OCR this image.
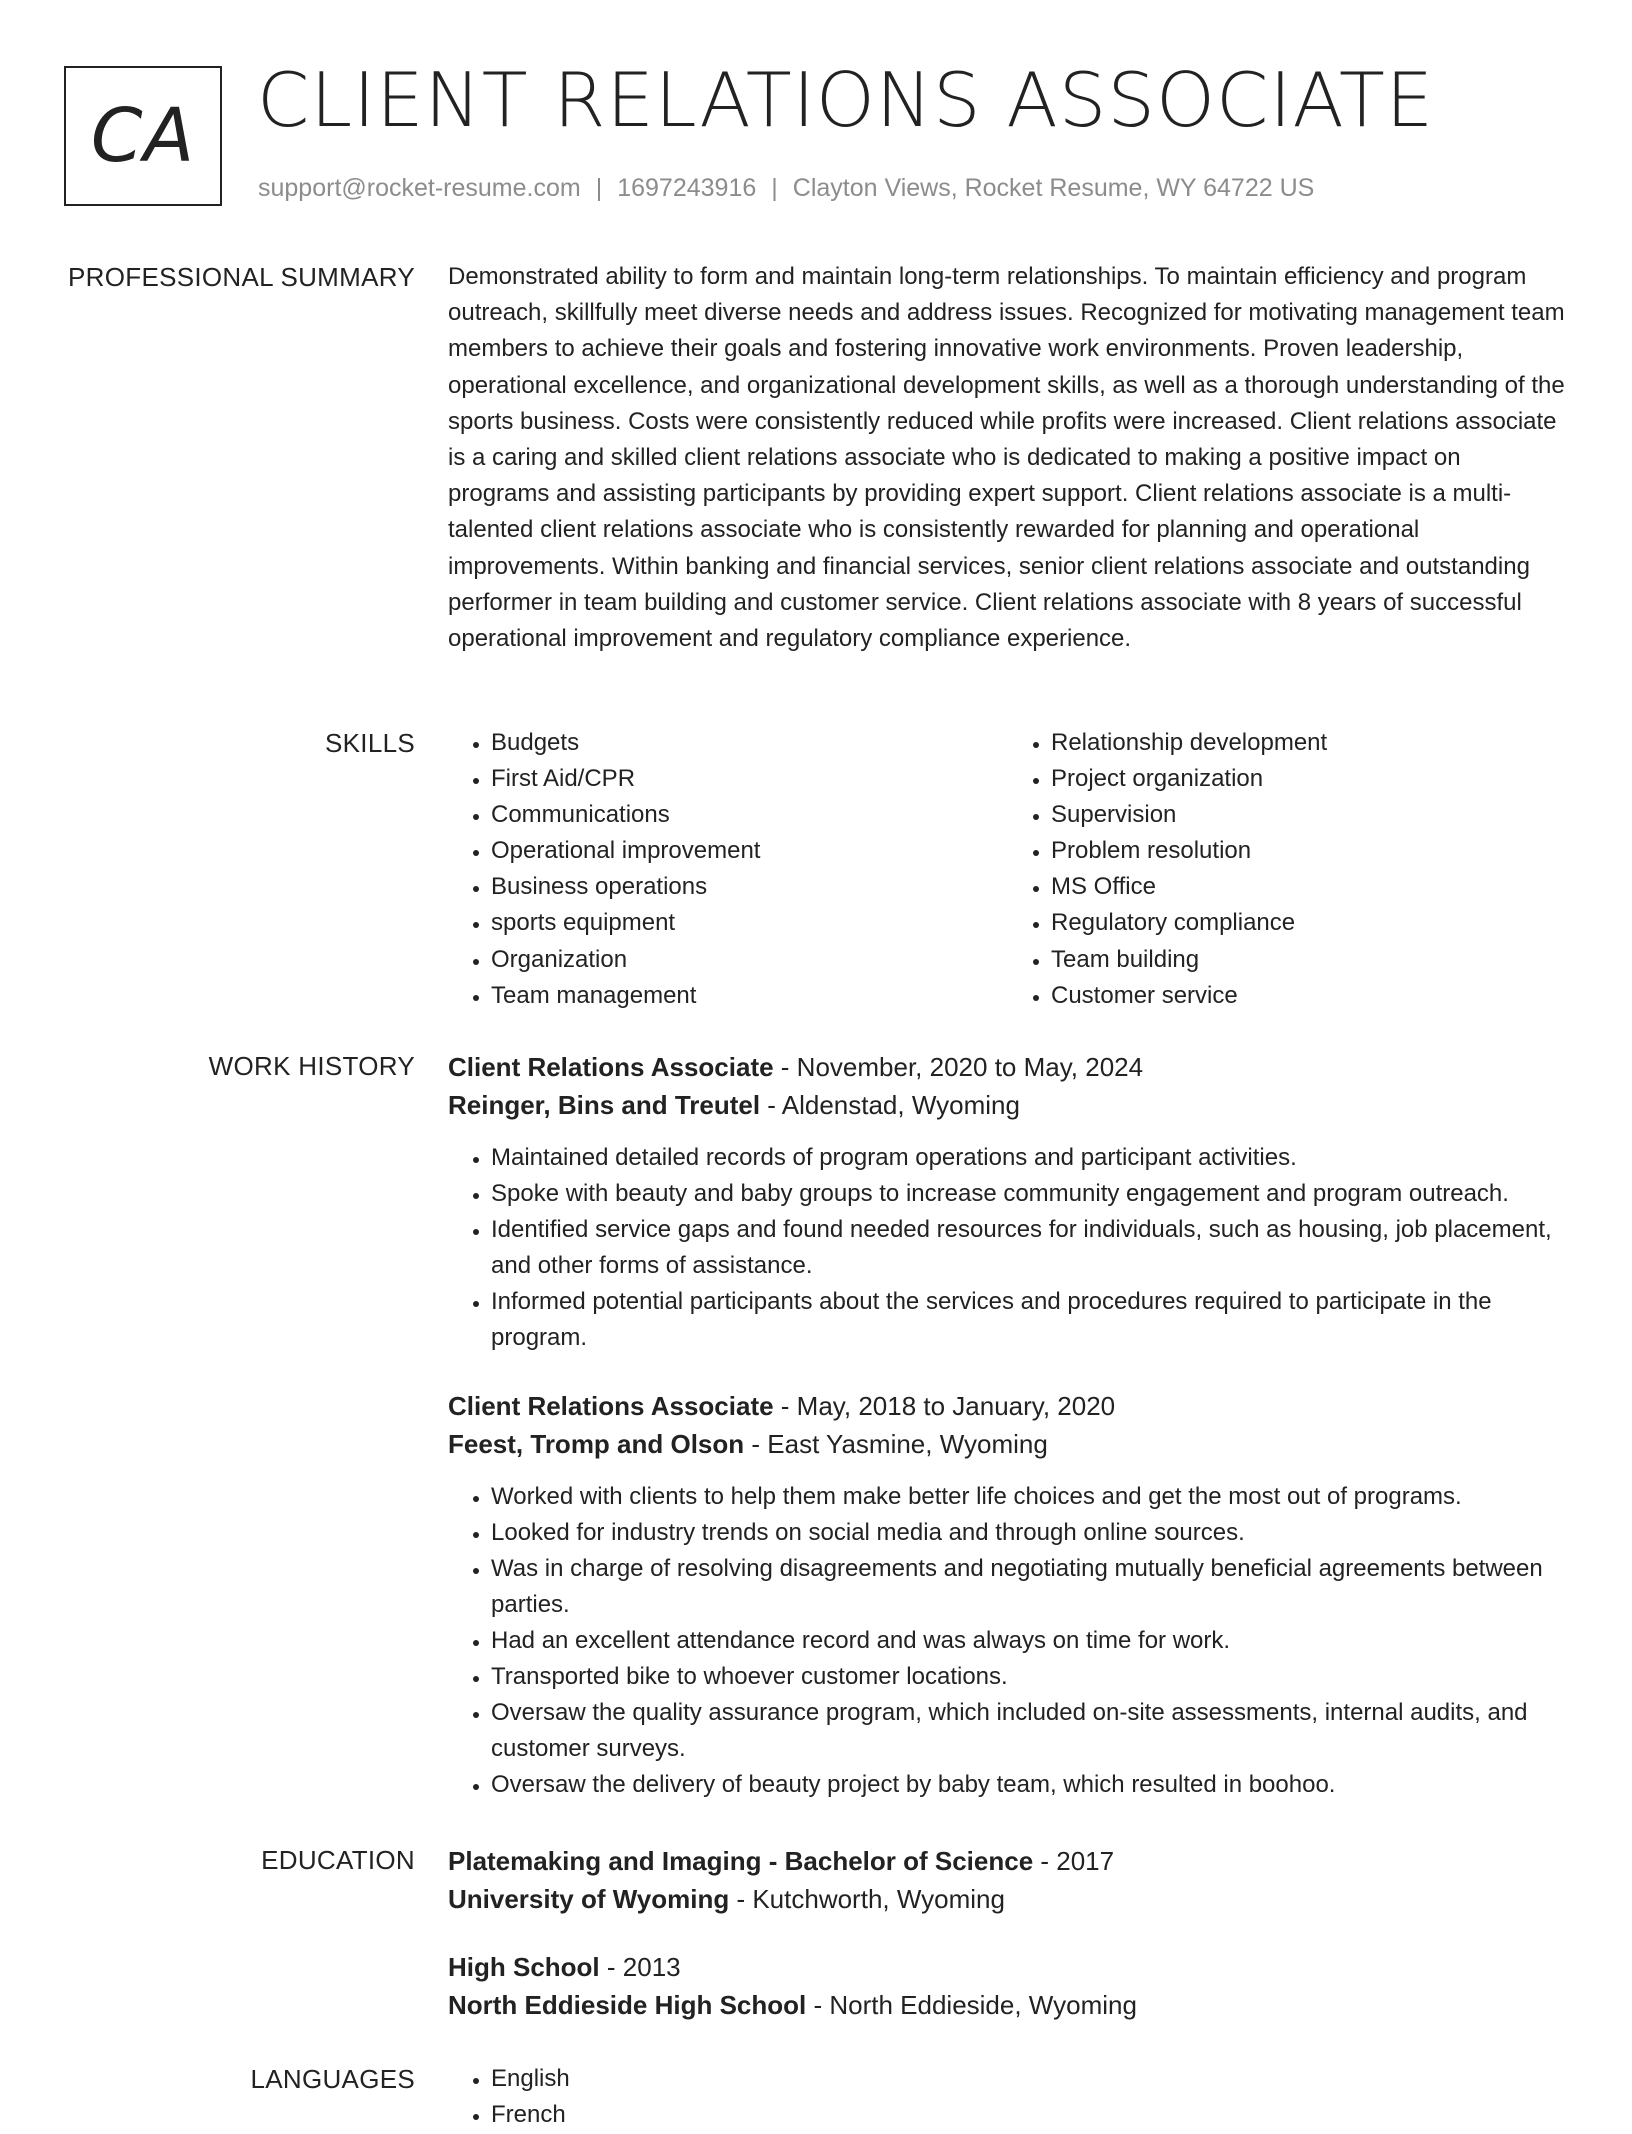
CA CLIENT RELATIONS ASSOCIATE
support@rocket-resume.com | 1697243916 | Clayton Views, Rocket Resume, WY 64722 US
PROFESSIONAL SUMMARY Demonstrated ability to form and maintain long-term relationships. To maintain efficiency and program outreach, skillfully meet diverse needs and address issues. Recognized for motivating management team members to achieve their goals and fostering innovative work environments. Proven leadership, operational excellence, and organizational development skills, as well as a thorough understanding of the sports business. Costs were consistently reduced while profits were increased. Client relations associate is a caring and skilled client relations associate who is dedicated to making a positive impact on programs and assisting participants by providing expert support. Client relations associate is a multi-talented client relations associate who is consistently rewarded for planning and operational improvements. Within banking and financial services, senior client relations associate and outstanding performer in team building and customer service. Client relations associate with 8 years of successful operational improvement and regulatory compliance experience.

SKILLS	• Budgets
• First Aid/CPR
• Communications
• Operational improvement
• Business operations
• sports equipment
• Organization
• Team management
• Relationship development
• Project organization
• Supervision
• Problem resolution
• MS Office
• Regulatory compliance
• Team building
• Customer service
WORK HISTORY Client Relations Associate - November, 2020 to May, 2024
Reinger, Bins and Treutel - Aldenstad, Wyoming
• Maintained detailed records of program operations and participant activities.
• Spoke with beauty and baby groups to increase community engagement and program outreach.
• Identified service gaps and found needed resources for individuals, such as housing, job placement, and other forms of assistance.
• Informed potential participants about the services and procedures required to participate in the program.
Client Relations Associate - May, 2018 to January, 2020
Feest, Tromp and Olson - East Yasmine, Wyoming
• Worked with clients to help them make better life choices and get the most out of programs.
• Looked for industry trends on social media and through online sources.
• Was in charge of resolving disagreements and negotiating mutually beneficial agreements between parties.
• Had an excellent attendance record and was always on time for work.
• Transported bike to whoever customer locations.
• Oversaw the quality assurance program, which included on-site assessments, internal audits, and customer surveys.
• Oversaw the delivery of beauty project by baby team, which resulted in boohoo.
EDUCATION Platemaking and Imaging - Bachelor of Science - 2017
University of Wyoming - Kutchworth, Wyoming
High School - 2013
North Eddieside High School - North Eddieside, Wyoming
LANGUAGES	• English
• French
